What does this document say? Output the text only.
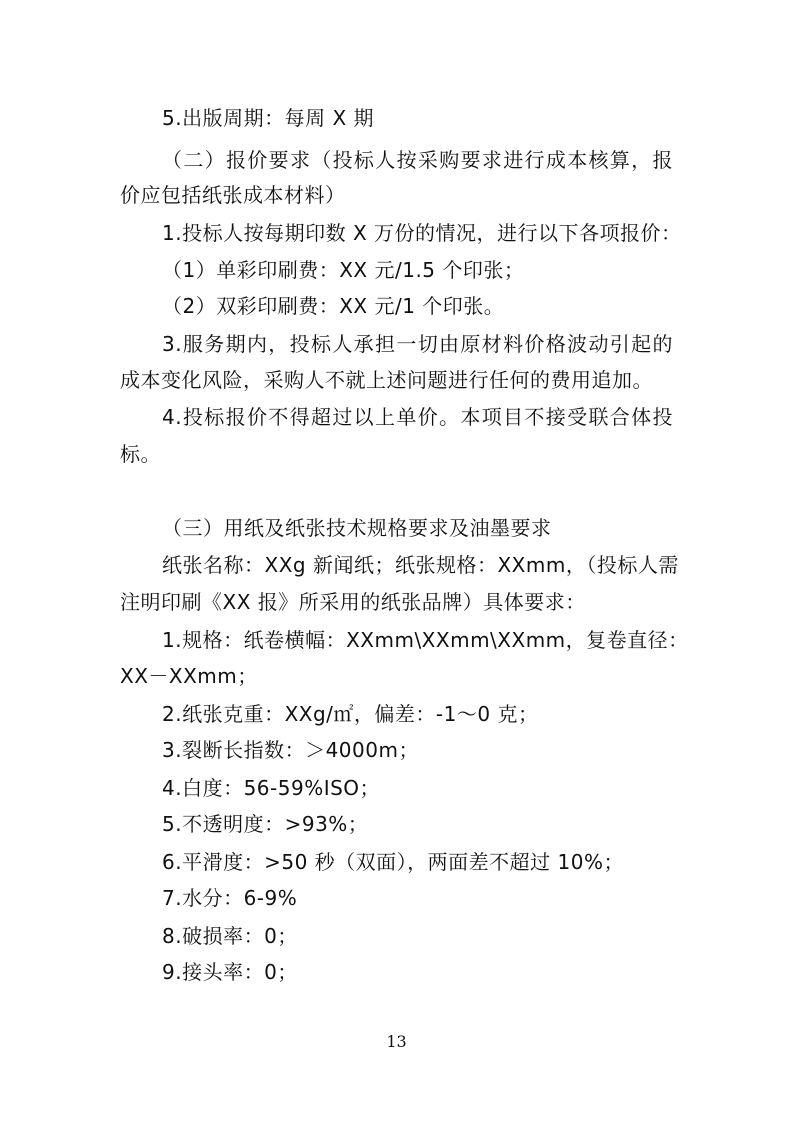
5.出版周期：每周 X 期
（二）报价要求（投标人按采购要求进行成本核算，报
价应包括纸张成本材料）
1.投标人按每期印数 X 万份的情况，进行以下各项报价：
（1）单彩印刷费：XX 元/1.5 个印张；
（2）双彩印刷费：XX 元/1 个印张。
3.服务期内，投标人承担一切由原材料价格波动引起的
成本变化风险，采购人不就上述问题进行任何的费用追加。
4.投标报价不得超过以上单价。本项目不接受联合体投
标。
（三）用纸及纸张技术规格要求及油墨要求
纸张名称：XXg 新闻纸；纸张规格：XXmm，（投标人需
注明印刷《XX 报》所采用的纸张品牌）具体要求：
1.规格：纸卷横幅：XXmm\XXmm\XXmm，复卷直径：
XX－XXmm；
2.纸张克重：XXg/㎡，偏差：-1～0 克；
3.裂断长指数：＞4000m；
4.白度：56-59%ISO；
5.不透明度：>93%；
6.平滑度：>50 秒（双面），两面差不超过 10%；
7.水分：6-9%
8.破损率：0；
9.接头率：0；
13
